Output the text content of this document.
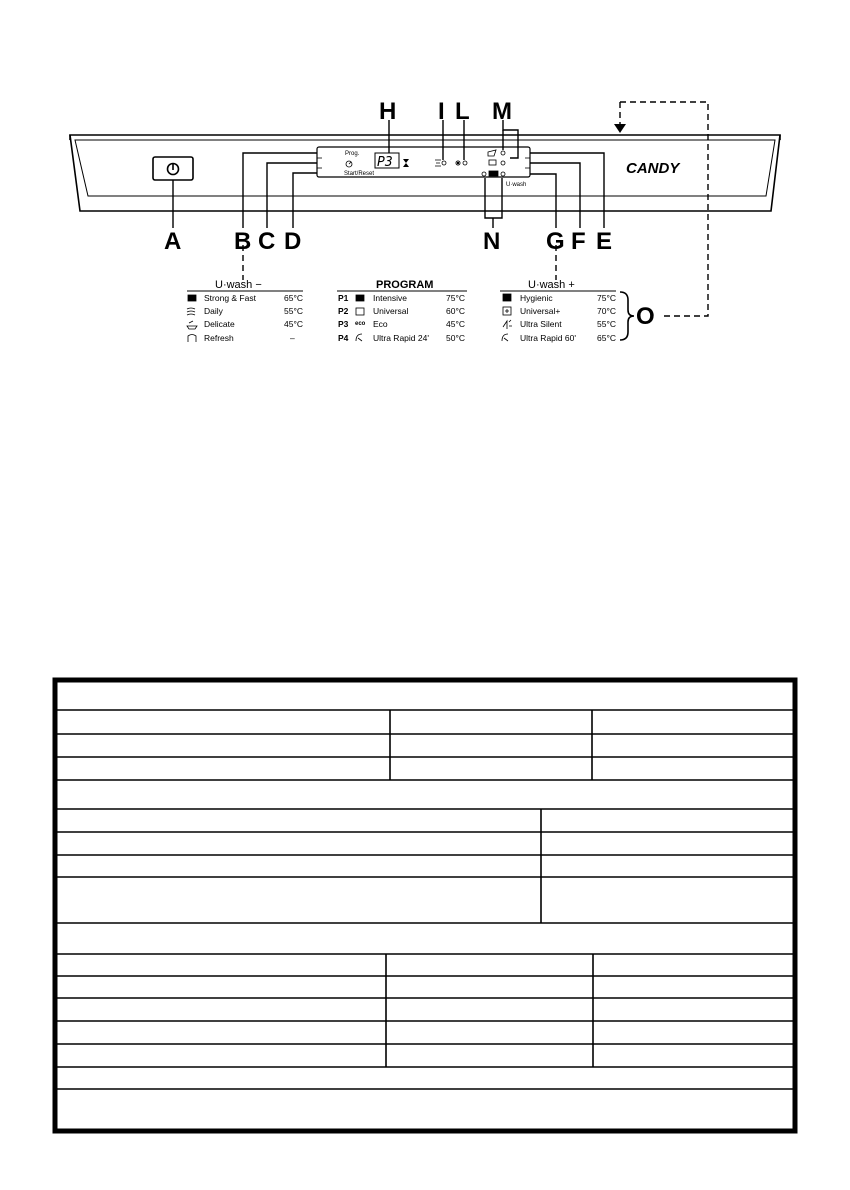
Prog.
Start/Reset
U·wash
P3	CANDY
A B C D
H I L M
N G F E
O
U·wash −
Strong & Fast	65°C
Daily	55°C
Delicate	45°C
Refresh	–
PROGRAM
eco
P1	Intensive	75°C
P2	Universal	60°C
P3	Eco	45°C
P4	Ultra Rapid 24' 50°C
U·wash +
Hygienic	75°C
Universal+	70°C
Ultra Silent	55°C
Ultra Rapid 60' 65°C
